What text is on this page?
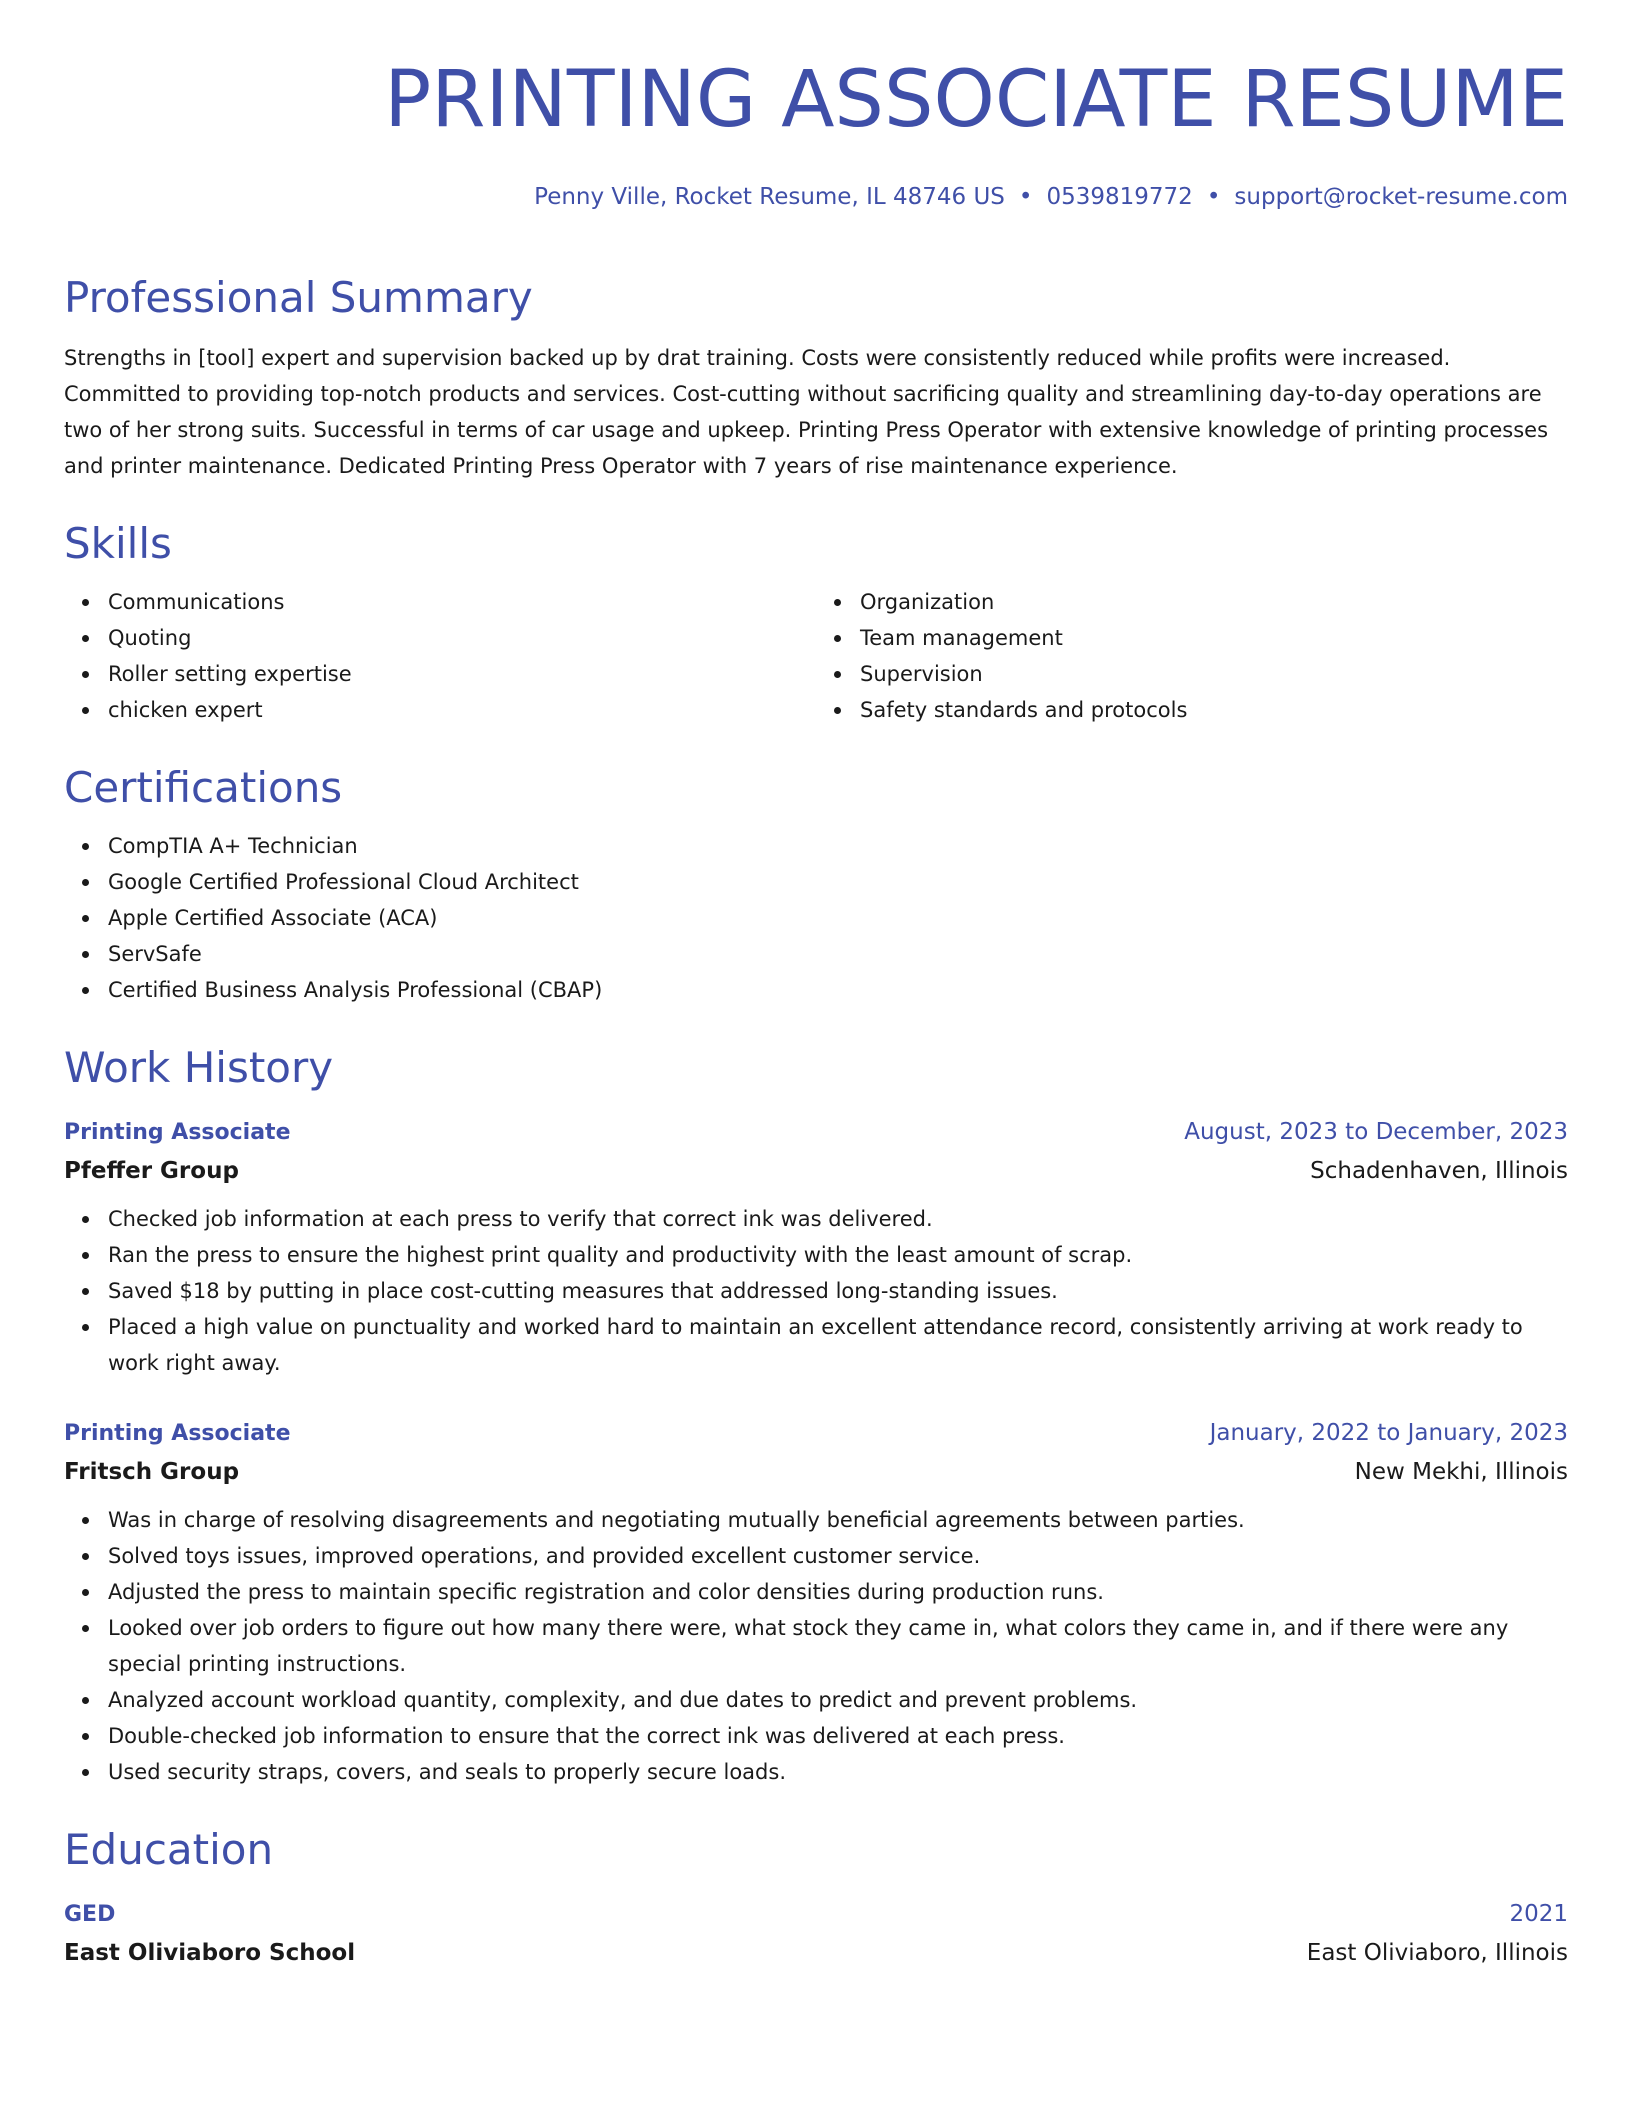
PRINTING ASSOCIATE RESUME
Penny Ville, Rocket Resume, IL 48746 US • 0539819772 • support@rocket-resume.com
Professional Summary

Strengths in [tool] expert and supervision backed up by drat training. Costs were consistently reduced while profits were increased. Committed to providing top-notch products and services. Cost-cutting without sacrificing quality and streamlining day-to-day operations are two of her strong suits. Successful in terms of car usage and upkeep. Printing Press Operator with extensive knowledge of printing processes and printer maintenance. Dedicated Printing Press Operator with 7 years of rise maintenance experience.

Skills
Communications
Quoting
Roller setting expertise
chicken expert
Organization
Team management
Supervision
Safety standards and protocols
Certifications
CompTIA A+ Technician
Google Certified Professional Cloud Architect
Apple Certified Associate (ACA)
ServSafe
Certified Business Analysis Professional (CBAP)
Work History
Printing Associate	August, 2023 to December, 2023
Pfeffer Group	Schadenhaven, Illinois
Checked job information at each press to verify that correct ink was delivered.
Ran the press to ensure the highest print quality and productivity with the least amount of scrap.
Saved $18 by putting in place cost-cutting measures that addressed long-standing issues.
Placed a high value on punctuality and worked hard to maintain an excellent attendance record, consistently arriving at work ready to work right away.
Printing Associate	January, 2022 to January, 2023
Fritsch Group	New Mekhi, Illinois
Was in charge of resolving disagreements and negotiating mutually beneficial agreements between parties.
Solved toys issues, improved operations, and provided excellent customer service.
Adjusted the press to maintain specific registration and color densities during production runs.
Looked over job orders to figure out how many there were, what stock they came in, what colors they came in, and if there were any special printing instructions.
Analyzed account workload quantity, complexity, and due dates to predict and prevent problems.
Double-checked job information to ensure that the correct ink was delivered at each press.
Used security straps, covers, and seals to properly secure loads.
Education
GED	2021
East Oliviaboro School	East Oliviaboro, Illinois
